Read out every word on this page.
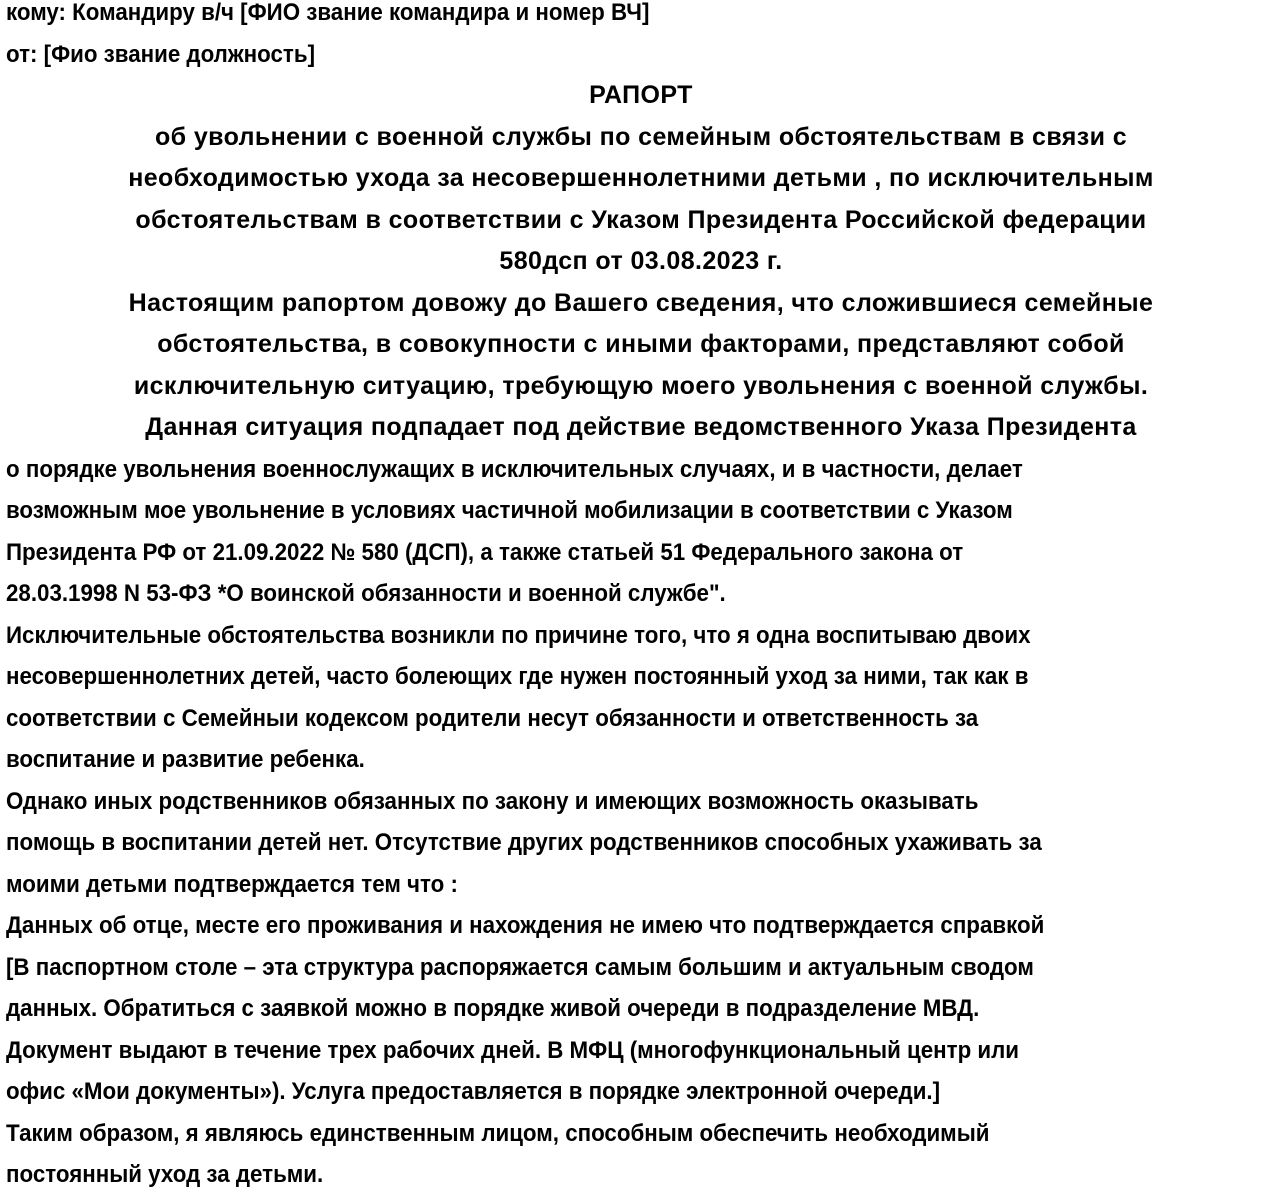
кому: Командиру в/ч [ФИО звание командира и номер ВЧ]
от: [Фио звание должность]
РАПОРТ
об увольнении с военной службы по семейным обстоятельствам в связи с
необходимостью ухода за несовершеннолетними детьми , по исключительным
обстоятельствам в соответствии с Указом Президента Российской федерации
580дсп от 03.08.2023 г.
Настоящим рапортом довожу до Вашего сведения, что сложившиеся семейные
обстоятельства, в совокупности с иными факторами, представляют собой
исключительную ситуацию, требующую моего увольнения с военной службы.
Данная ситуация подпадает под действие ведомственного Указа Президента
о порядке увольнения военнослужащих в исключительных случаях, и в частности, делает
возможным мое увольнение в условиях частичной мобилизации в соответствии с Указом
Президента РФ от 21.09.2022 № 580 (ДСП), а также статьей 51 Федерального закона от
28.03.1998 N 53-ФЗ *О воинской обязанности и военной службе".
Исключительные обстоятельства возникли по причине того, что я одна воспитываю двоих
несовершеннолетних детей, часто болеющих где нужен постоянный уход за ними, так как в
соответствии с Семейныи кодексом родители несут обязанности и ответственность за
воспитание и развитие ребенка.
Однако иных родственников обязанных по закону и имеющих возможность оказывать
помощь в воспитании детей нет. Отсутствие других родственников способных ухаживать за
моими детьми подтверждается тем что :
Данных об отце, месте его проживания и нахождения не имею что подтверждается справкой
[В паспортном столе – эта структура распоряжается самым большим и актуальным сводом
данных. Обратиться с заявкой можно в порядке живой очереди в подразделение МВД.
Документ выдают в течение трех рабочих дней. В МФЦ (многофункциональный центр или
офис «Мои документы»). Услуга предоставляется в порядке электронной очереди.]
Таким образом, я являюсь единственным лицом, способным обеспечить необходимый
постоянный уход за детьми.
